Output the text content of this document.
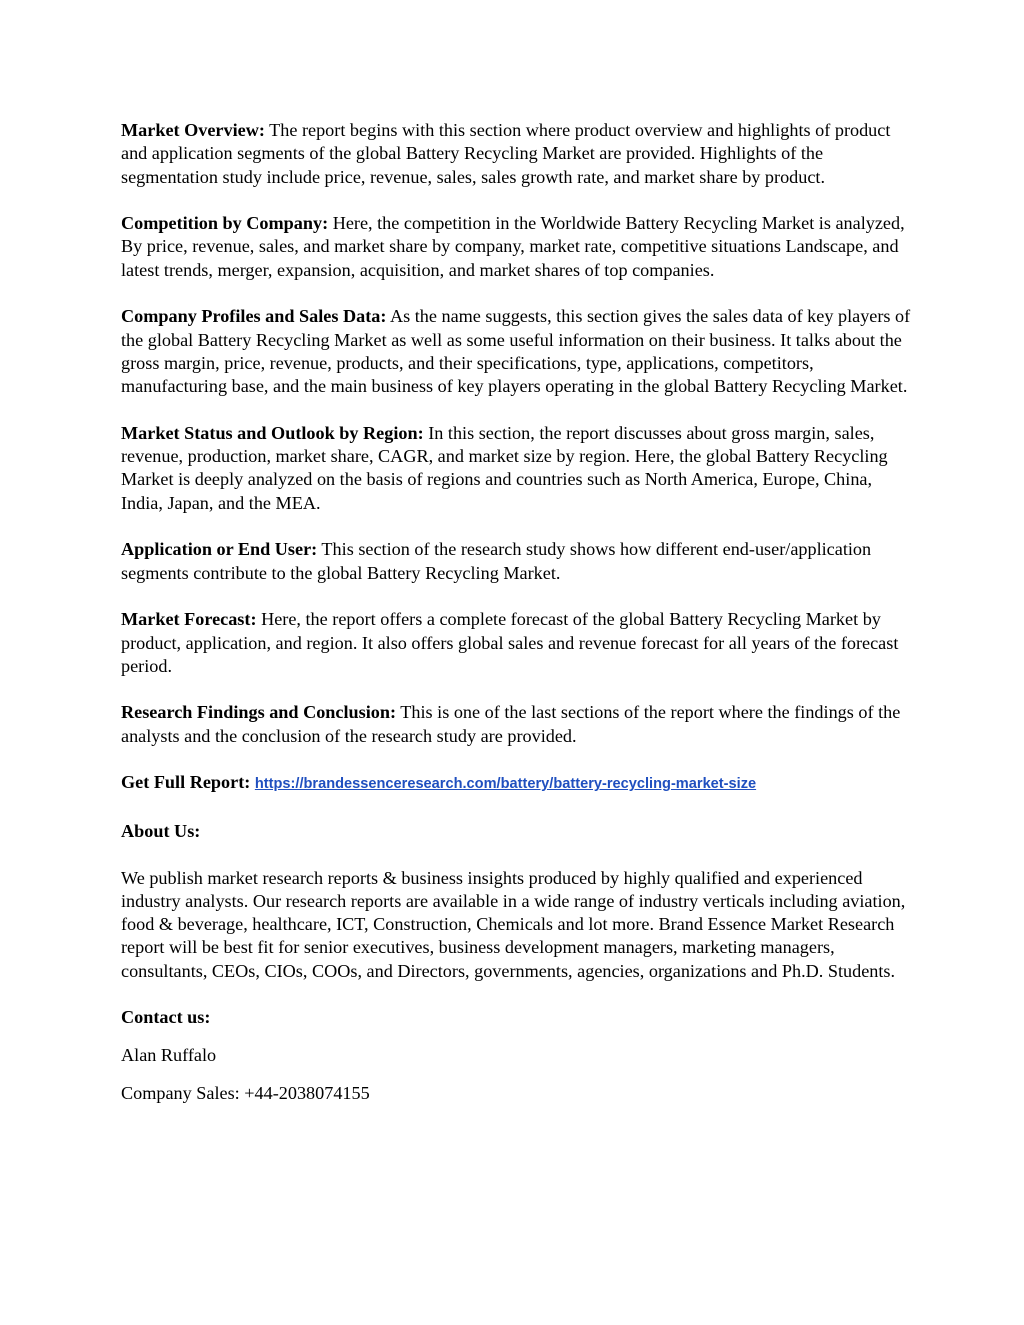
Market Overview: The report begins with this section where product overview and highlights of product and application segments of the global Battery Recycling Market are provided. Highlights of the segmentation study include price, revenue, sales, sales growth rate, and market share by product.

Competition by Company: Here, the competition in the Worldwide Battery Recycling Market is analyzed, By price, revenue, sales, and market share by company, market rate, competitive situations Landscape, and latest trends, merger, expansion, acquisition, and market shares of top companies.

Company Profiles and Sales Data: As the name suggests, this section gives the sales data of key players of the global Battery Recycling Market as well as some useful information on their business. It talks about the gross margin, price, revenue, products, and their specifications, type, applications, competitors, manufacturing base, and the main business of key players operating in the global Battery Recycling Market.

Market Status and Outlook by Region: In this section, the report discusses about gross margin, sales, revenue, production, market share, CAGR, and market size by region. Here, the global Battery Recycling Market is deeply analyzed on the basis of regions and countries such as North America, Europe, China, India, Japan, and the MEA.

Application or End User: This section of the research study shows how different end-user/application segments contribute to the global Battery Recycling Market.

Market Forecast: Here, the report offers a complete forecast of the global Battery Recycling Market by product, application, and region. It also offers global sales and revenue forecast for all years of the forecast period.

Research Findings and Conclusion: This is one of the last sections of the report where the findings of the analysts and the conclusion of the research study are provided.

Get Full Report: https://brandessenceresearch.com/battery/battery-recycling-market-size

About Us:

We publish market research reports & business insights produced by highly qualified and experienced industry analysts. Our research reports are available in a wide range of industry verticals including aviation, food & beverage, healthcare, ICT, Construction, Chemicals and lot more. Brand Essence Market Research report will be best fit for senior executives, business development managers, marketing managers, consultants, CEOs, CIOs, COOs, and Directors, governments, agencies, organizations and Ph.D. Students.

Contact us:

Alan Ruffalo

Company Sales: +44-2038074155
